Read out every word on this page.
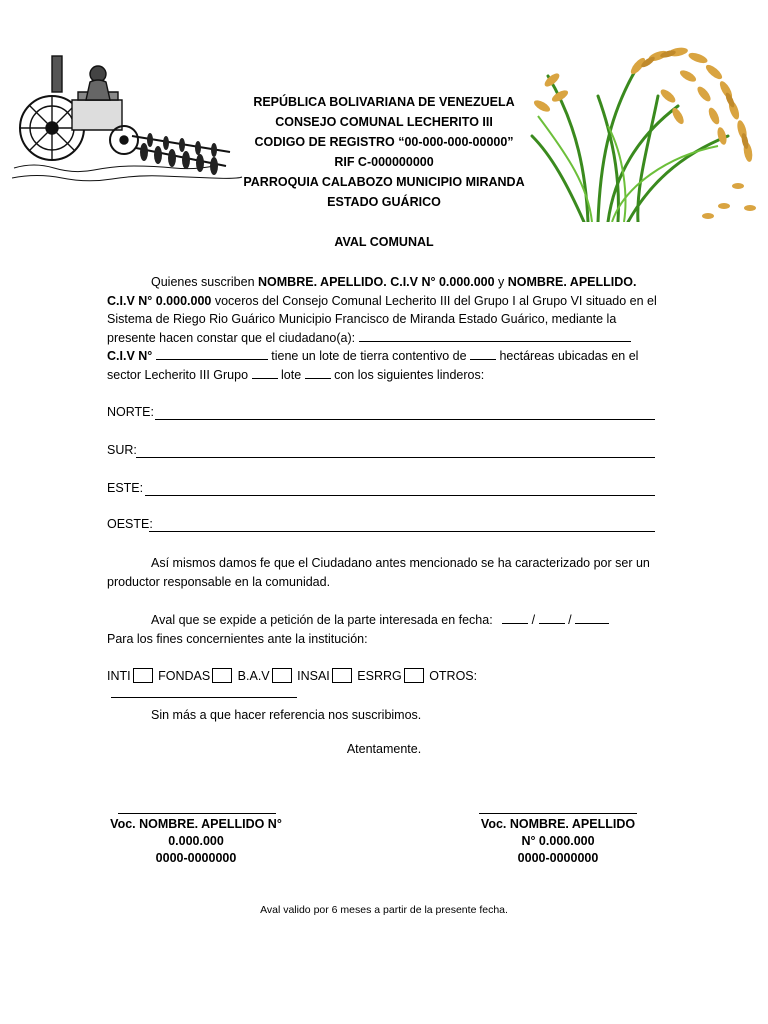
REPÚBLICA BOLIVARIANA DE VENEZUELA
CONSEJO COMUNAL LECHERITO III
CODIGO DE REGISTRO “00-000-000-00000”
RIF C-000000000
PARROQUIA CALABOZO MUNICIPIO MIRANDA
ESTADO GUÁRICO
AVAL COMUNAL
Quienes suscriben NOMBRE. APELLIDO. C.I.V N° 0.000.000 y NOMBRE. APELLIDO. C.I.V N° 0.000.000 voceros del Consejo Comunal Lecherito III del Grupo I al Grupo VI situado en el Sistema de Riego Rio Guárico Municipio Francisco de Miranda Estado Guárico, mediante la presente hacen constar que el ciudadano(a):
C.I.V N°	tiene un lote de tierra contentivo de  hectáreas ubicadas en el sector Lecherito III Grupo  lote  con los siguientes linderos:
NORTE:
SUR:
ESTE:
OESTE:
Así mismos damos fe que el Ciudadano antes mencionado se ha caracterizado por ser un productor responsable en la comunidad.
Aval que se expide a petición de la parte interesada en fecha:	/	/
Para los fines concernientes ante la institución:
INTI FONDAS B.A.V INSAI ESRRG OTROS:
Sin más a que hacer referencia nos suscribimos.
Atentamente.
Voc. NOMBRE. APELLIDO N°
0.000.000
0000-0000000
Voc. NOMBRE. APELLIDO
N° 0.000.000
0000-0000000
Aval valido por 6 meses a partir de la presente fecha.
